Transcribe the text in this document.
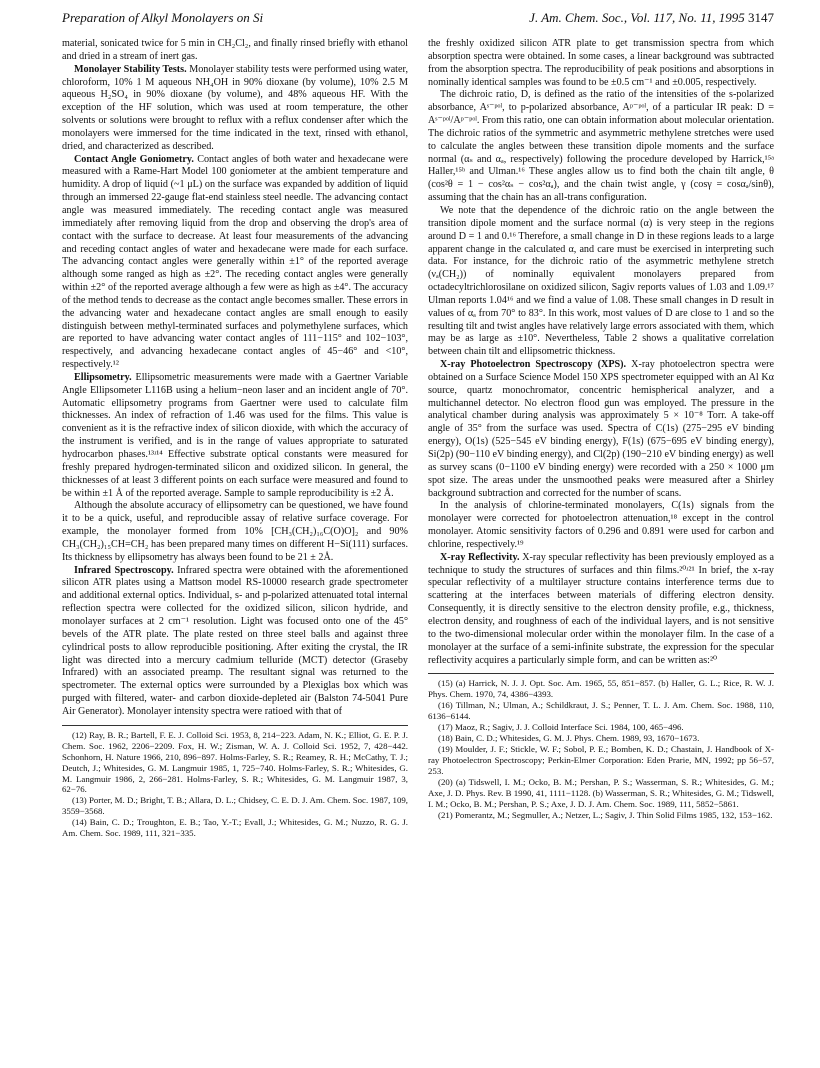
Preparation of Alkyl Monolayers on Si	J. Am. Chem. Soc., Vol. 117, No. 11, 1995 3147

material, sonicated twice for 5 min in CH₂Cl₂, and finally rinsed briefly with ethanol and dried in a stream of inert gas.

Monolayer Stability Tests. Monolayer stability tests were performed using water, chloroform, 10% 1 M aqueous NH₄OH in 90% dioxane (by volume), 10% 2.5 M aqueous H₂SO₄ in 90% dioxane (by volume), and 48% aqueous HF. With the exception of the HF solution, which was used at room temperature, the other solvents or solutions were brought to reflux with a reflux condenser after which the monolayers were immersed for the time indicated in the text, rinsed with ethanol, dried, and characterized as described.

Contact Angle Goniometry. Contact angles of both water and hexadecane were measured with a Rame-Hart Model 100 goniometer at the ambient temperature and humidity. A drop of liquid (~1 μL) on the surface was expanded by addition of liquid through an immersed 22-gauge flat-end stainless steel needle. The advancing contact angle was measured immediately. The receding contact angle was measured immediately after removing liquid from the drop and observing the drop's area of contact with the surface to decrease. At least four measurements of the advancing and receding contact angles of water and hexadecane were made for each surface. The advancing contact angles were generally within ±1° of the reported average although some ranged as high as ±2°. The receding contact angles were generally within ±2° of the reported average although a few were as high as ±4°. The accuracy of the method tends to decrease as the contact angle becomes smaller. These errors in the advancing water and hexadecane contact angles are small enough to easily distinguish between methyl-terminated surfaces and polymethylene surfaces, which are reported to have advancing water contact angles of 111−115° and 102−103°, respectively, and advancing hexadecane contact angles of 45−46° and <10°, respectively.¹²

Ellipsometry. Ellipsometric measurements were made with a Gaertner Variable Angle Ellipsometer L116B using a helium−neon laser and an incident angle of 70°. Automatic ellipsometry programs from Gaertner were used to calculate film thicknesses. An index of refraction of 1.46 was used for the films. This value is convenient as it is the refractive index of silicon dioxide, with which the accuracy of the instrument is verified, and is in the range of values appropriate to saturated hydrocarbon phases.¹³ʴ¹⁴ Effective substrate optical constants were measured for freshly prepared hydrogen-terminated silicon and oxidized silicon. In general, the thicknesses of at least 3 different points on each surface were measured and found to be within ±1 Å of the reported average. Sample to sample reproducibility is ±2 Å.

Although the absolute accuracy of ellipsometry can be questioned, we have found it to be a quick, useful, and reproducible assay of relative surface coverage. For example, the monolayer formed from 10% [CH₃(CH₂)₁₆C(O)O]₂ and 90% CH₃(CH₂)₁₅CH=CH₂ has been prepared many times on different H−Si(111) surfaces. Its thickness by ellipsometry has always been found to be 21 ± 2Å.

Infrared Spectroscopy. Infrared spectra were obtained with the aforementioned silicon ATR plates using a Mattson model RS-10000 research grade spectrometer and additional external optics. Individual, s- and p-polarized attenuated total internal reflection spectra were collected for the oxidized silicon, silicon hydride, and monolayer surfaces at 2 cm⁻¹ resolution. Light was focused onto one of the 45° bevels of the ATR plate. The plate rested on three steel balls and against three cylindrical posts to allow reproducible positioning. After exiting the crystal, the IR light was directed into a mercury cadmium telluride (MCT) detector (Graseby Infrared) with an associated preamp. The resultant signal was returned to the spectrometer. The external optics were surrounded by a Plexiglas box which was purged with filtered, water- and carbon dioxide-depleted air (Balston 74-5041 Pure Air Generator). Monolayer intensity spectra were ratioed with that of

(12) Ray, B. R.; Bartell, F. E. J. Colloid Sci. 1953, 8, 214−223. Adam, N. K.; Elliot, G. E. P. J. Chem. Soc. 1962, 2206−2209. Fox, H. W.; Zisman, W. A. J. Colloid Sci. 1952, 7, 428−442. Schonhorn, H. Nature 1966, 210, 896−897. Holms-Farley, S. R.; Reamey, R. H.; McCathy, T. J.; Deutch, J.; Whitesides, G. M. Langmuir 1985, 1, 725−740. Holms-Farley, S. R.; Whitesides, G. M. Langmuir 1986, 2, 266−281. Holms-Farley, S. R.; Whitesides, G. M. Langmuir 1987, 3, 62−76.

(13) Porter, M. D.; Bright, T. B.; Allara, D. L.; Chidsey, C. E. D. J. Am. Chem. Soc. 1987, 109, 3559−3568.

(14) Bain, C. D.; Troughton, E. B.; Tao, Y.-T.; Evall, J.; Whitesides, G. M.; Nuzzo, R. G. J. Am. Chem. Soc. 1989, 111, 321−335.

the freshly oxidized silicon ATR plate to get transmission spectra from which absorption spectra were obtained. In some cases, a linear background was subtracted from the absorption spectra. The reproducibility of peak positions and absorptions in nominally identical samples was found to be ±0.5 cm⁻¹ and ±0.005, respectively.

The dichroic ratio, D, is defined as the ratio of the intensities of the s-polarized absorbance, Aˢ⁻ᵖᵒˡ, to p-polarized absorbance, Aᵖ⁻ᵖᵒˡ, of a particular IR peak: D = Aˢ⁻ᵖᵒˡ/Aᵖ⁻ᵖᵒˡ. From this ratio, one can obtain information about molecular orientation. The dichroic ratios of the symmetric and asymmetric methylene stretches were used to calculate the angles between these transition dipole moments and the surface normal (αₛ and αₐ, respectively) following the procedure developed by Harrick,¹⁵ᵃ Haller,¹⁵ᵇ and Ulman.¹⁶ These angles allow us to find both the chain tilt angle, θ (cos²θ = 1 − cos²αₛ − cos²αₐ), and the chain twist angle, γ (cosγ = cosαₐ/sinθ), assuming that the chain has an all-trans configuration.

We note that the dependence of the dichroic ratio on the angle between the transition dipole moment and the surface normal (α) is very steep in the regions around D = 1 and 0.¹⁶ Therefore, a small change in D in these regions leads to a large apparent change in the calculated α, and care must be exercised in interpreting such data. For instance, for the dichroic ratio of the asymmetric methylene stretch (νₐ(CH₂)) of nominally equivalent monolayers prepared from octadecyltrichlorosilane on oxidized silicon, Sagiv reports values of 1.03 and 1.09.¹⁷ Ulman reports 1.04¹⁶ and we find a value of 1.08. These small changes in D result in values of αₐ from 70° to 83°. In this work, most values of D are close to 1 and so the resulting tilt and twist angles have relatively large errors associated with them, which may be as large as ±10°. Nevertheless, Table 2 shows a qualitative correlation between chain tilt and ellipsometric thickness.

X-ray Photoelectron Spectroscopy (XPS). X-ray photoelectron spectra were obtained on a Surface Science Model 150 XPS spectrometer equipped with an Al Kα source, quartz monochromator, concentric hemispherical analyzer, and a multichannel detector. No electron flood gun was employed. The pressure in the analytical chamber during analysis was approximately 5 × 10⁻⁸ Torr. A take-off angle of 35° from the surface was used. Spectra of C(1s) (275−295 eV binding energy), O(1s) (525−545 eV binding energy), F(1s) (675−695 eV binding energy), Si(2p) (90−110 eV binding energy), and Cl(2p) (190−210 eV binding energy) as well as survey scans (0−1100 eV binding energy) were recorded with a 250 × 1000 μm spot size. The areas under the unsmoothed peaks were measured after a Shirley background subtraction and corrected for the number of scans.

In the analysis of chlorine-terminated monolayers, C(1s) signals from the monolayer were corrected for photoelectron attenuation,¹⁸ except in the control monolayer. Atomic sensitivity factors of 0.296 and 0.891 were used for carbon and chlorine, respectively.¹⁹

X-ray Reflectivity. X-ray specular reflectivity has been previously employed as a technique to study the structures of surfaces and thin films.²⁰ʴ²¹ In brief, the x-ray specular reflectivity of a multilayer structure contains interference terms due to scattering at the interfaces between materials of differing electron density. Consequently, it is directly sensitive to the electron density profile, e.g., thickness, electron density, and roughness of each of the individual layers, and is not sensitive to the two-dimensional molecular order within the monolayer film. In the case of a monolayer at the surface of a semi-infinite substrate, the expression for the specular reflectivity acquires a particularly simple form, and can be written as:²⁰

(15) (a) Harrick, N. J. J. Opt. Soc. Am. 1965, 55, 851−857. (b) Haller, G. L.; Rice, R. W. J. Phys. Chem. 1970, 74, 4386−4393.

(16) Tillman, N.; Ulman, A.; Schildkraut, J. S.; Penner, T. L. J. Am. Chem. Soc. 1988, 110, 6136−6144.

(17) Maoz, R.; Sagiv, J. J. Colloid Interface Sci. 1984, 100, 465−496.

(18) Bain, C. D.; Whitesides, G. M. J. Phys. Chem. 1989, 93, 1670−1673.

(19) Moulder, J. F.; Stickle, W. F.; Sobol, P. E.; Bomben, K. D.; Chastain, J. Handbook of X-ray Photoelectron Spectroscopy; Perkin-Elmer Corporation: Eden Prarie, MN, 1992; pp 56−57, 253.

(20) (a) Tidswell, I. M.; Ocko, B. M.; Pershan, P. S.; Wasserman, S. R.; Whitesides, G. M.; Axe, J. D. Phys. Rev. B 1990, 41, 1111−1128. (b) Wasserman, S. R.; Whitesides, G. M.; Tidswell, I. M.; Ocko, B. M.; Pershan, P. S.; Axe, J. D. J. Am. Chem. Soc. 1989, 111, 5852−5861.

(21) Pomerantz, M.; Segmuller, A.; Netzer, L.; Sagiv, J. Thin Solid Films 1985, 132, 153−162.
